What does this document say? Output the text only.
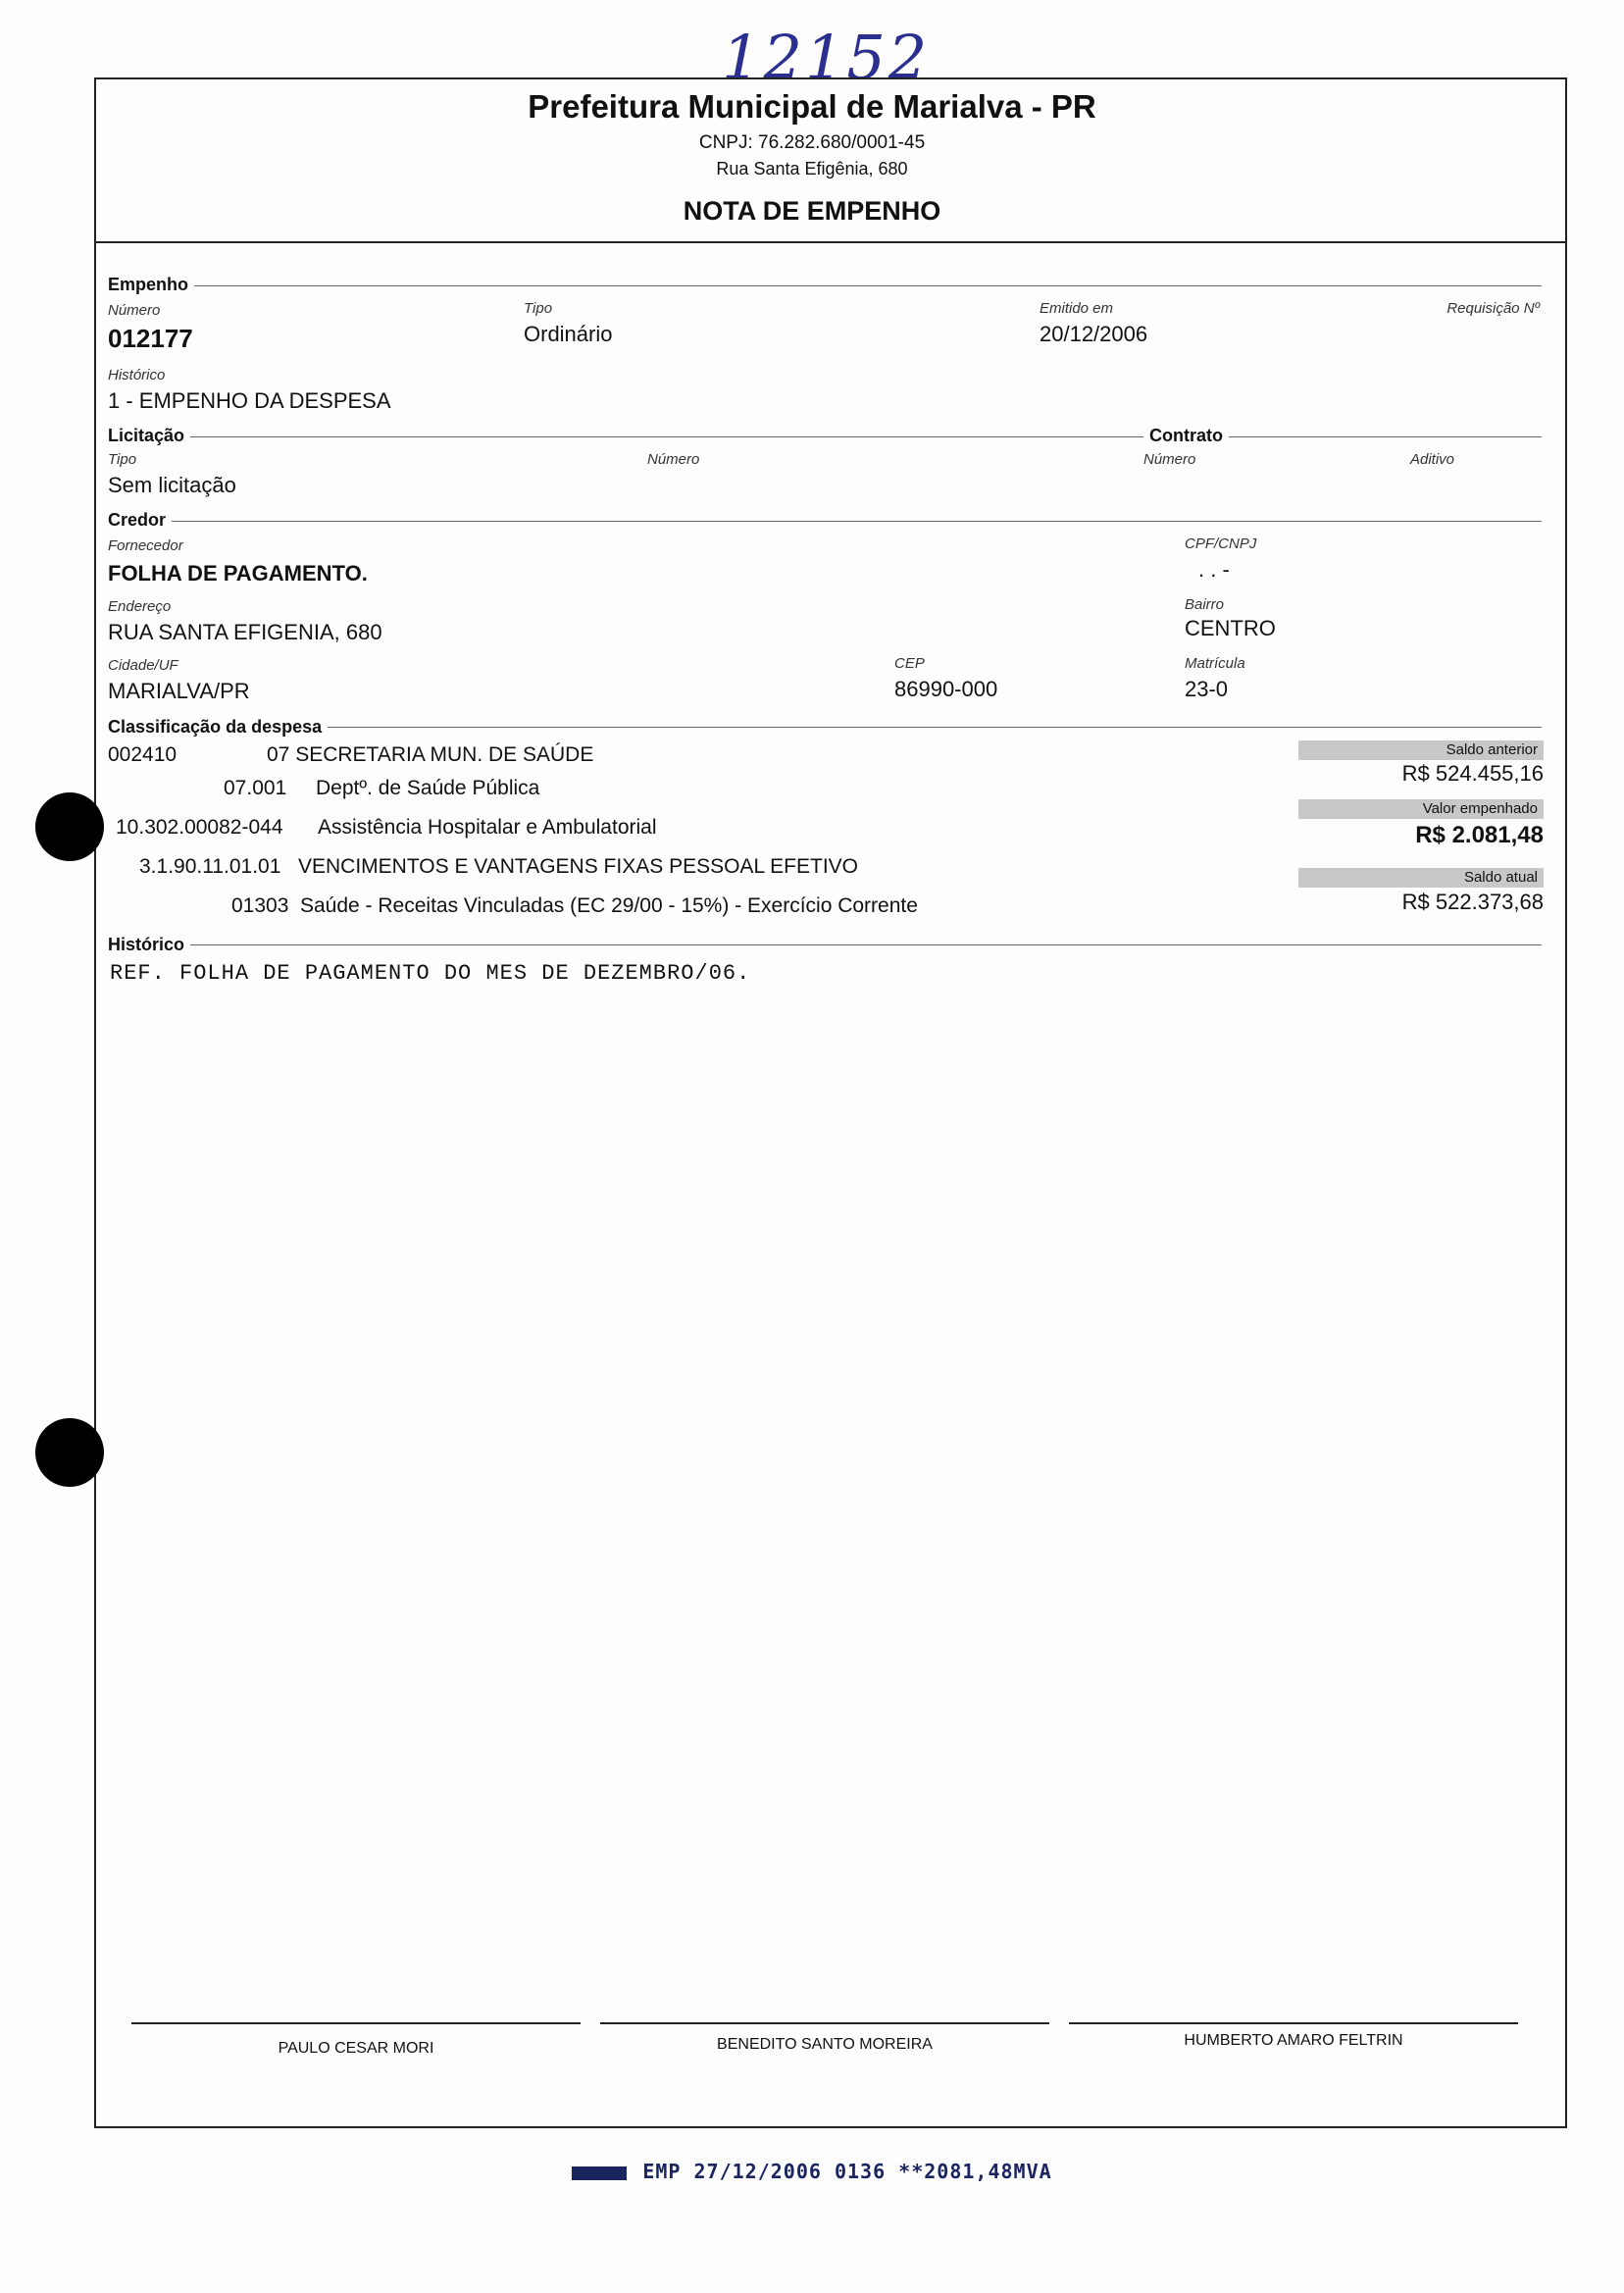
12152
Prefeitura Municipal de Marialva - PR
CNPJ: 76.282.680/0001-45
Rua Santa Efigênia, 680
NOTA DE EMPENHO
Empenho
Número
012177
Tipo
Ordinário
Emitido em
20/12/2006
Requisição Nº
Histórico
1 - EMPENHO DA DESPESA
Licitação	Contrato
Tipo
Sem licitação
Número	Número	Aditivo
Credor
Fornecedor
FOLHA DE PAGAMENTO.
CPF/CNPJ
. . -
Endereço
RUA SANTA EFIGENIA, 680
Bairro
CENTRO
Cidade/UF
MARIALVA/PR
CEP
86990-000
Matrícula
23-0
Classificação da despesa
002410	07 SECRETARIA MUN. DE SAÚDE
07.001 Deptº. de Saúde Pública
10.302.00082-044 Assistência Hospitalar e Ambulatorial
3.1.90.11.01.01 VENCIMENTOS E VANTAGENS FIXAS PESSOAL EFETIVO
01303 Saúde - Receitas Vinculadas (EC 29/00 - 15%) - Exercício Corrente
Saldo anterior
R$ 524.455,16
Valor empenhado
R$ 2.081,48
Saldo atual
R$ 522.373,68
Histórico
REF. FOLHA DE PAGAMENTO DO MES DE DEZEMBRO/06.
PAULO CESAR MORI	BENEDITO SANTO MOREIRA	HUMBERTO AMARO FELTRIN
EMP 27/12/2006 0136 **2081,48MVA
